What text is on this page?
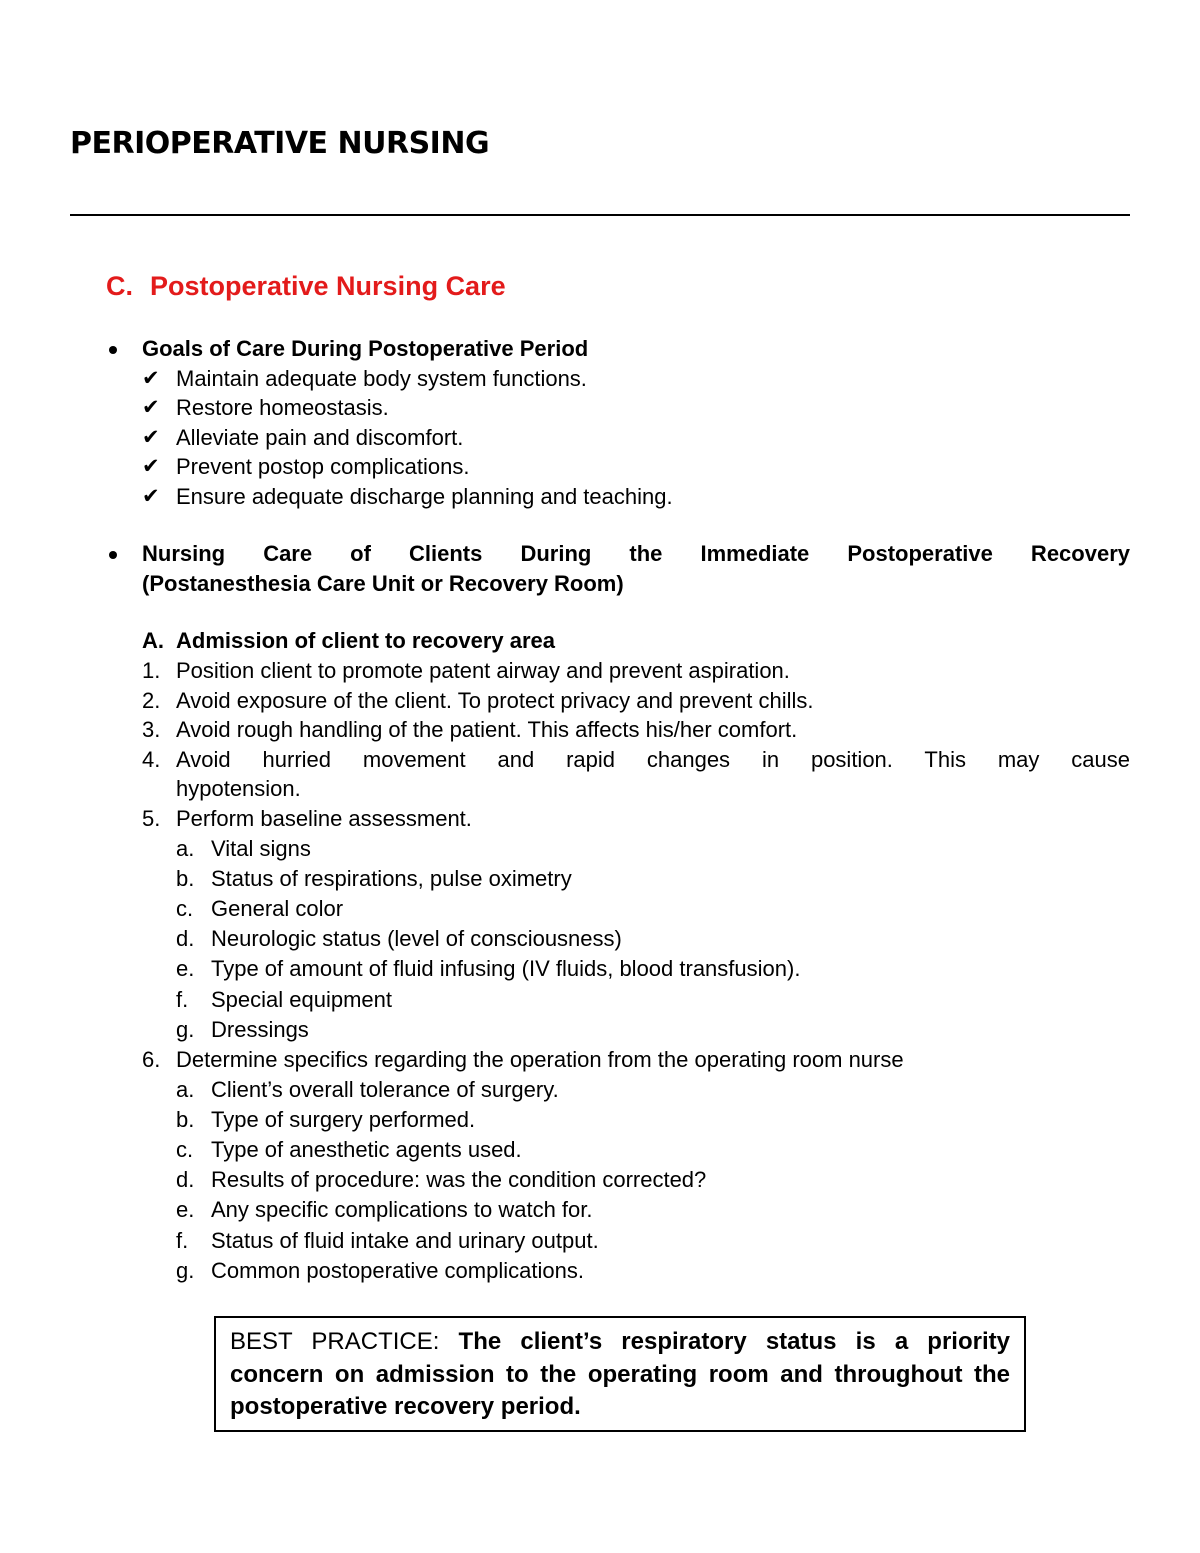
PERIOPERATIVE NURSING
C. Postoperative Nursing Care
Goals of Care During Postoperative Period
✔ Maintain adequate body system functions.
✔ Restore homeostasis.
✔ Alleviate pain and discomfort.
✔ Prevent postop complications.
✔ Ensure adequate discharge planning and teaching.
Nursing Care of Clients During the Immediate Postoperative Recovery
(Postanesthesia Care Unit or Recovery Room)
A. Admission of client to recovery area
1. Position client to promote patent airway and prevent aspiration.
2. Avoid exposure of the client. To protect privacy and prevent chills.
3. Avoid rough handling of the patient. This affects his/her comfort.
4. Avoid hurried movement and rapid changes in position. This may cause
hypotension.
5. Perform baseline assessment.
a. Vital signs
b. Status of respirations, pulse oximetry
c. General color
d. Neurologic status (level of consciousness)
e. Type of amount of fluid infusing (IV fluids, blood transfusion).
f.	Special equipment
g. Dressings
6. Determine specifics regarding the operation from the operating room nurse
a. Client’s overall tolerance of surgery.
b. Type of surgery performed.
c. Type of anesthetic agents used.
d. Results of procedure: was the condition corrected?
e. Any specific complications to watch for.
f.	Status of fluid intake and urinary output.
g. Common postoperative complications.
BEST PRACTICE: The client’s respiratory status is a priority concern on admission to the operating room and throughout the postoperative recovery period.
